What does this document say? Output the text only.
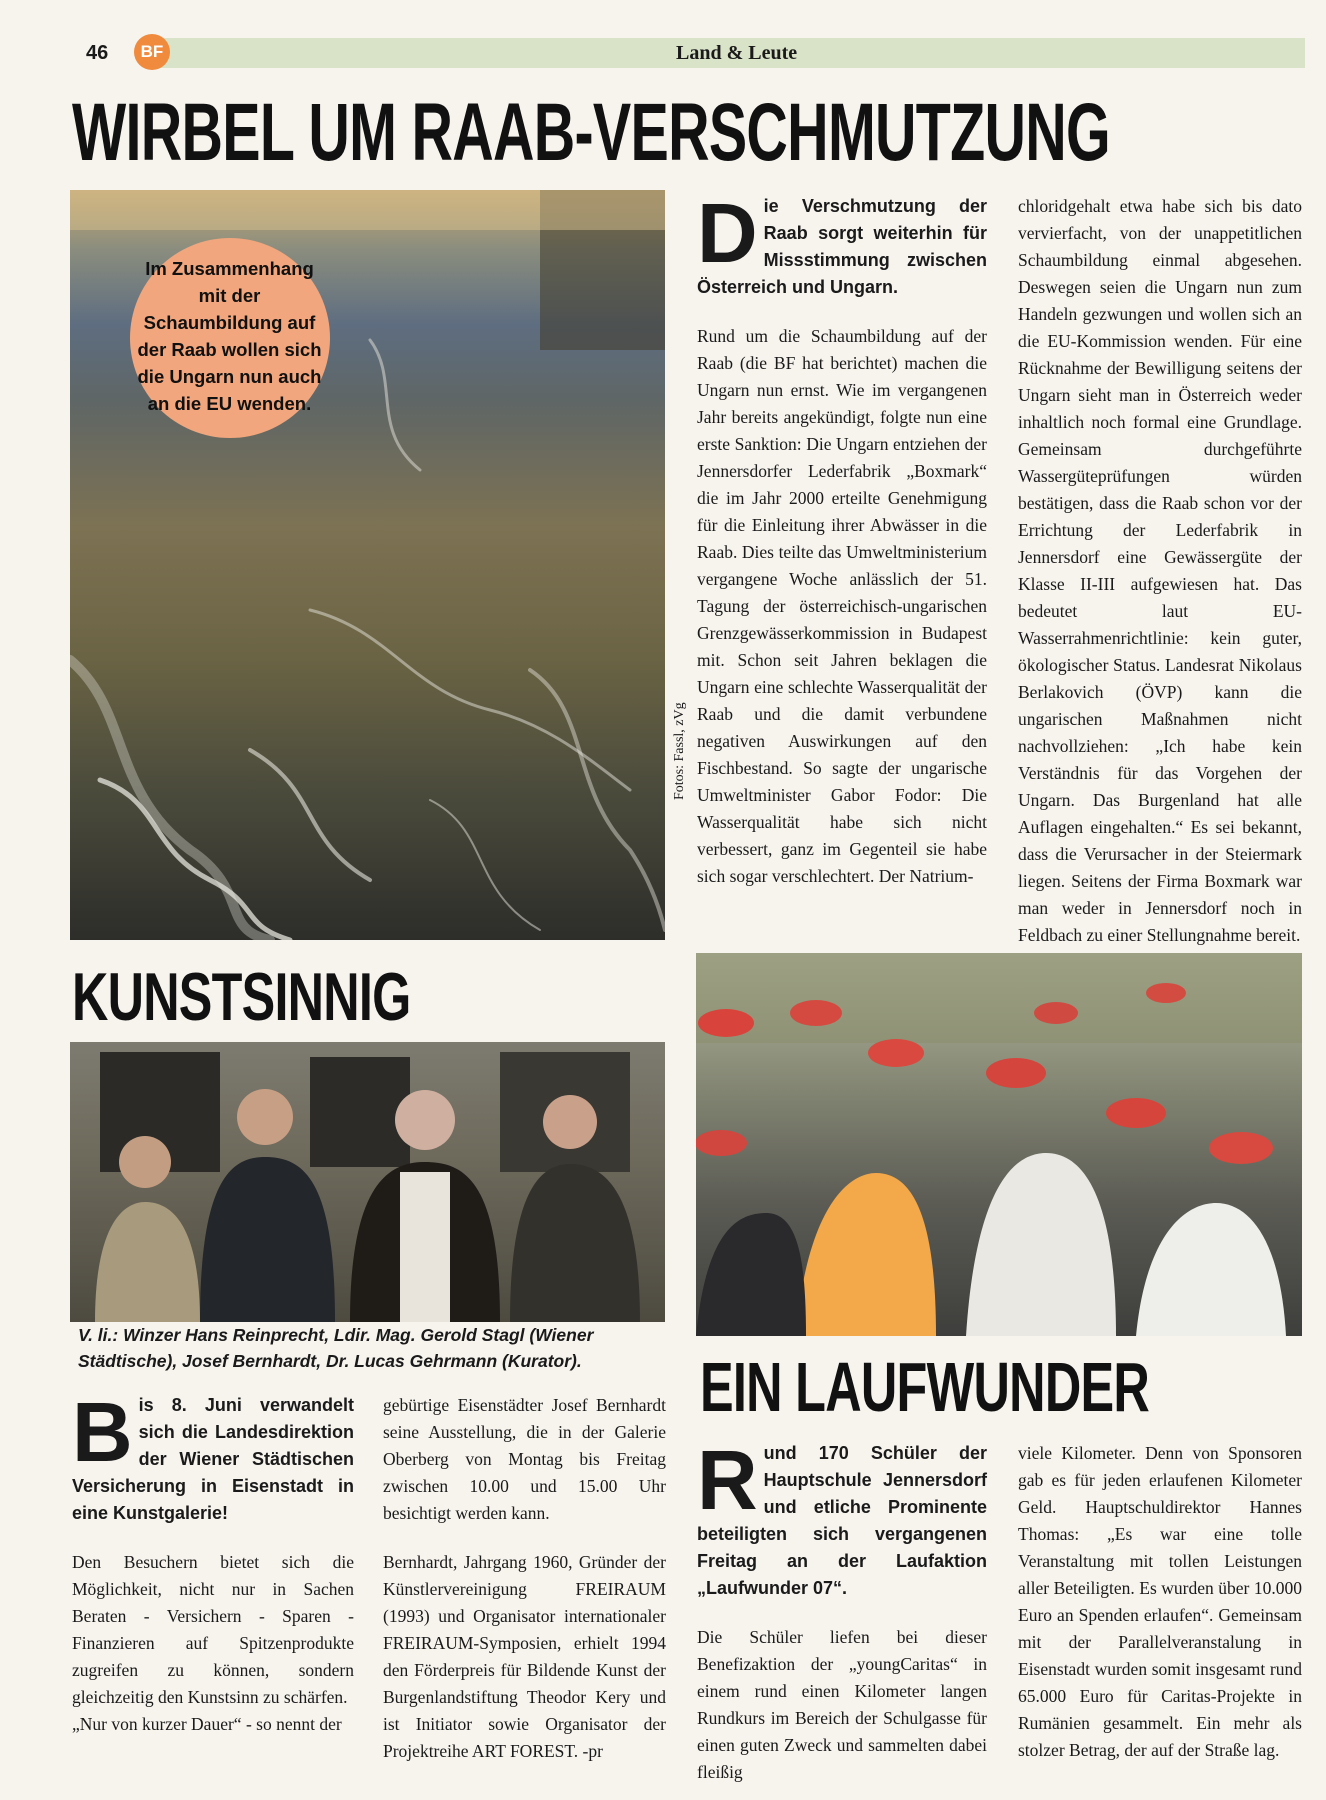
46	BF	Land & Leute
WIRBEL UM RAAB-VERSCHMUTZUNG
Im Zusammenhang mit der Schaumbildung auf der Raab wollen sich die Ungarn nun auch an die EU wenden.
Fotos: Fassl, zVg
Die Verschmutzung der Raab sorgt weiterhin für Missstimmung zwischen Österreich und Ungarn.

Rund um die Schaumbildung auf der Raab (die BF hat berichtet) machen die Ungarn nun ernst. Wie im vergangenen Jahr bereits angekündigt, folgte nun eine erste Sanktion: Die Ungarn entziehen der Jennersdorfer Lederfabrik „Boxmark“ die im Jahr 2000 erteilte Genehmigung für die Einleitung ihrer Abwässer in die Raab. Dies teilte das Umweltministerium vergangene Woche anlässlich der 51. Tagung der österreichisch-ungarischen Grenzgewässerkommission in Budapest mit. Schon seit Jahren beklagen die Ungarn eine schlechte Wasserqualität der Raab und die damit verbundene negativen Auswirkungen auf den Fischbestand. So sagte der ungarische Umweltminister Gabor Fodor: Die Wasserqualität habe sich nicht verbessert, ganz im Gegenteil sie habe sich sogar verschlechtert. Der Natrium-

chloridgehalt etwa habe sich bis dato vervierfacht, von der unappetitlichen Schaumbildung einmal abgesehen. Deswegen seien die Ungarn nun zum Handeln gezwungen und wollen sich an die EU-Kommission wenden. Für eine Rücknahme der Bewilligung seitens der Ungarn sieht man in Österreich weder inhaltlich noch formal eine Grundlage. Gemeinsam durchgeführte Wassergüteprüfungen würden bestätigen, dass die Raab schon vor der Errichtung der Lederfabrik in Jennersdorf eine Gewässergüte der Klasse II-III aufgewiesen hat. Das bedeutet laut EU-Wasserrahmenrichtlinie: kein guter, ökologischer Status. Landesrat Nikolaus Berlakovich (ÖVP) kann die ungarischen Maßnahmen nicht nachvollziehen: „Ich habe kein Verständnis für das Vorgehen der Ungarn. Das Burgenland hat alle Auflagen eingehalten.“ Es sei bekannt, dass die Verursacher in der Steiermark liegen. Seitens der Firma Boxmark war man weder in Jennersdorf noch in Feldbach zu einer Stellungnahme bereit.

KUNSTSINNIG
V. li.: Winzer Hans Reinprecht, Ldir. Mag. Gerold Stagl (Wiener Städtische), Josef Bernhardt, Dr. Lucas Gehrmann (Kurator).
Bis 8. Juni verwandelt sich die Landesdirektion der Wiener Städtischen Versicherung in Eisenstadt in eine Kunstgalerie!

Den Besuchern bietet sich die Möglichkeit, nicht nur in Sachen Beraten - Versichern - Sparen - Finanzieren auf Spitzenprodukte zugreifen zu können, sondern gleichzeitig den Kunstsinn zu schärfen.

„Nur von kurzer Dauer“ - so nennt der

gebürtige Eisenstädter Josef Bernhardt seine Ausstellung, die in der Galerie Oberberg von Montag bis Freitag zwischen 10.00 und 15.00 Uhr besichtigt werden kann.

Bernhardt, Jahrgang 1960, Gründer der Künstlervereinigung FREIRAUM (1993) und Organisator internationaler FREIRAUM-Symposien, erhielt 1994 den Förderpreis für Bildende Kunst der Burgenlandstiftung Theodor Kery und ist Initiator sowie Organisator der Projektreihe ART FOREST. -pr

EIN LAUFWUNDER
Rund 170 Schüler der Hauptschule Jennersdorf und etliche Prominente beteiligten sich vergangenen Freitag an der Laufaktion „Laufwunder 07“.

Die Schüler liefen bei dieser Benefizaktion der „youngCaritas“ in einem rund einen Kilometer langen Rundkurs im Bereich der Schulgasse für einen guten Zweck und sammelten dabei fleißig

viele Kilometer. Denn von Sponsoren gab es für jeden erlaufenen Kilometer Geld. Hauptschuldirektor Hannes Thomas: „Es war eine tolle Veranstaltung mit tollen Leistungen aller Beteiligten. Es wurden über 10.000 Euro an Spenden erlaufen“. Gemeinsam mit der Parallelveranstalung in Eisenstadt wurden somit insgesamt rund 65.000 Euro für Caritas-Projekte in Rumänien gesammelt. Ein mehr als stolzer Betrag, der auf der Straße lag.
